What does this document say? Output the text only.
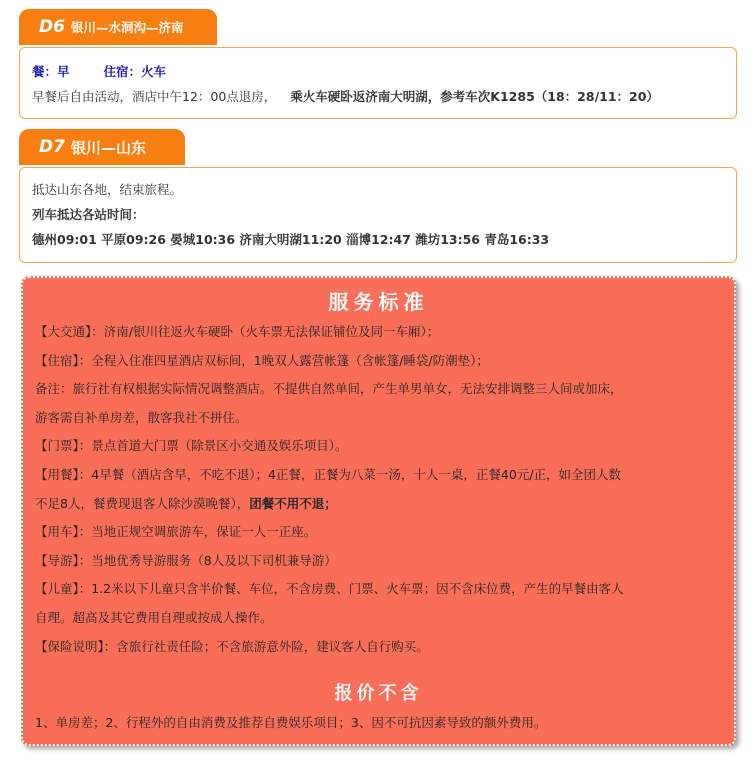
D6 银川—水洞沟—济南
餐：早	住宿：火车
早餐后自由活动，酒店中午12：00点退房， 乘火车硬卧返济南大明湖，参考车次K1285（18：28/11：20）
D7 银川—山东
抵达山东各地，结束旅程。
列车抵达各站时间：
德州09:01 平原09:26 晏城10:36 济南大明湖11:20 淄博12:47 潍坊13:56 青岛16:33
服务标准
【大交通】：济南/银川往返火车硬卧（火车票无法保证铺位及同一车厢）；
【住宿】：全程入住准四星酒店双标间，1晚双人露营帐篷（含帐篷/睡袋/防潮垫）；
备注：旅行社有权根据实际情况调整酒店。不提供自然单间，产生单男单女，无法安排调整三人间或加床，
游客需自补单房差，散客我社不拼住。
【门票】：景点首道大门票（除景区小交通及娱乐项目）。
【用餐】：4早餐（酒店含早，不吃不退）；4正餐，正餐为八菜一汤，十人一桌，正餐40元/正，如全团人数
不足8人，餐费现退客人除沙漠晚餐），团餐不用不退；
【用车】：当地正规空调旅游车，保证一人一正座。
【导游】：当地优秀导游服务（8人及以下司机兼导游）
【儿童】：1.2米以下儿童只含半价餐、车位，不含房费、门票、火车票；因不含床位费，产生的早餐由客人
自理。超高及其它费用自理或按成人操作。
【保险说明】：含旅行社责任险；不含旅游意外险，建议客人自行购买。
报价不含
1、单房差；2、行程外的自由消费及推荐自费娱乐项目；3、因不可抗因素导致的额外费用。
